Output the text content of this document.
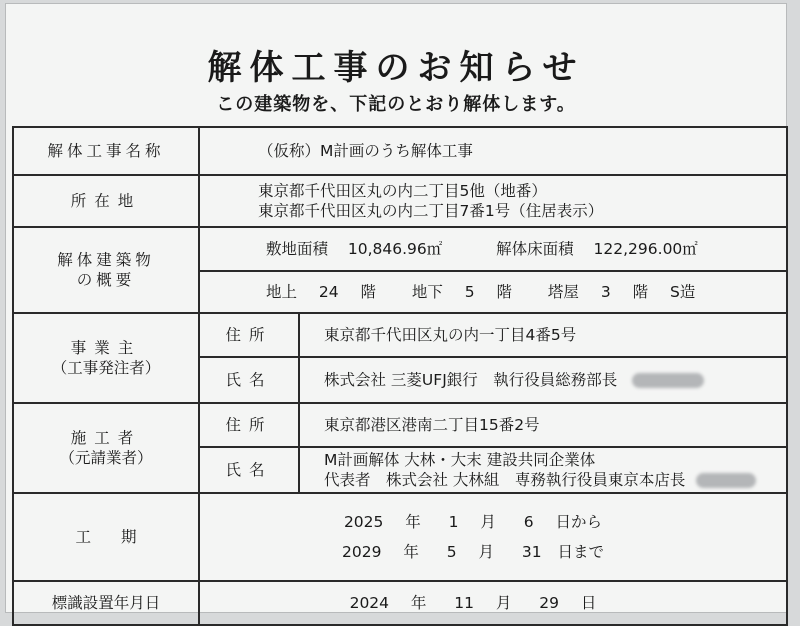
解体工事のお知らせ
この建築物を、下記のとおり解体します。
解体工事名称	（仮称）M計画のうち解体工事	
所在地	東京都千代田区丸の内二丁目5他（地番）
東京都千代田区丸の内二丁目7番1号（住居表示）	

解体建築物
の概要	敷地面積 10,846.96㎡ 解体床面積 122,296.00㎡	
	地上 24 階 地下 5 階 塔屋 3 階 S造	

事業主
（工事発注者）	住所	東京都千代田区丸の内一丁目4番5号
	氏名	株式会社 三菱UFJ銀行　執行役員総務部長

施工者
（元請業者）	住所	東京都港区港南二丁目15番2号
	氏名	M計画解体 大林・大末 建設共同企業体
代表者　株式会社 大林組　専務執行役員東京本店長

工期	2025 年 1 月 6 日から
2029 年 5 月 31 日まで	

標識設置年月日	2024 年 11 月 29 日	
